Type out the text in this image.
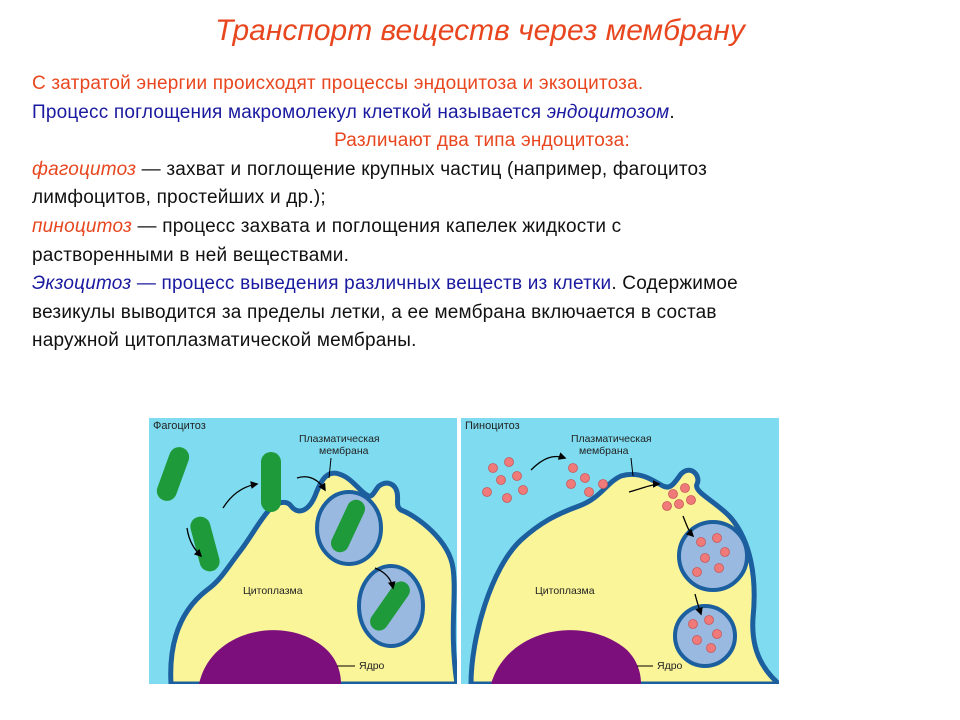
Транспорт веществ через мембрану
С затратой энергии происходят процессы эндоцитоза и экзоцитоза.
Процесс поглощения макромолекул клеткой называется эндоцитозом.
Различают два типа эндоцитоза:
фагоцитоз — захват и поглощение крупных частиц (например, фагоцитоз
лимфоцитов, простейших и др.);
пиноцитоз — процесс захвата и поглощения капелек жидкости с
растворенными в ней веществами.
Экзоцитоз — процесс выведения различных веществ из клетки. Содержимое
везикулы выводится за пределы летки, а ее мембрана включается в состав
наружной цитоплазматической мембраны.
Фагоцитоз
Плазматическая
мембрана
Цитоплазма
Ядро
Пиноцитоз
Плазматическая
мембрана
Цитоплазма
Ядро
